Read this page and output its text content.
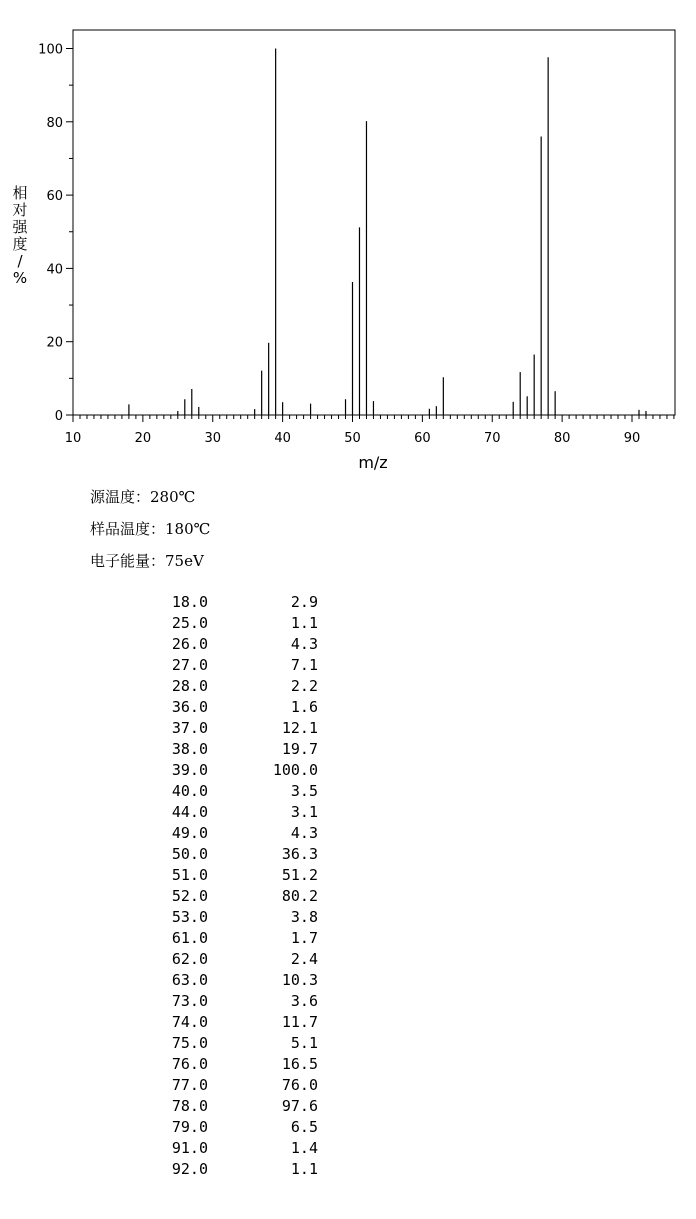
10	20	30	40	50	60	70	80	90
0
20
40
60
80
100
m/z
相对强度/ %
源温度：280℃
样品温度：180℃
电子能量：75eV
18.0	2.9
25.0	1.1
26.0	4.3
27.0	7.1
28.0	2.2
36.0	1.6
37.0	12.1
38.0	19.7
39.0	100.0
40.0	3.5
44.0	3.1
49.0	4.3
50.0	36.3
51.0	51.2
52.0	80.2
53.0	3.8
61.0	1.7
62.0	2.4
63.0	10.3
73.0	3.6
74.0	11.7
75.0	5.1
76.0	16.5
77.0	76.0
78.0	97.6
79.0	6.5
91.0	1.4
92.0	1.1
